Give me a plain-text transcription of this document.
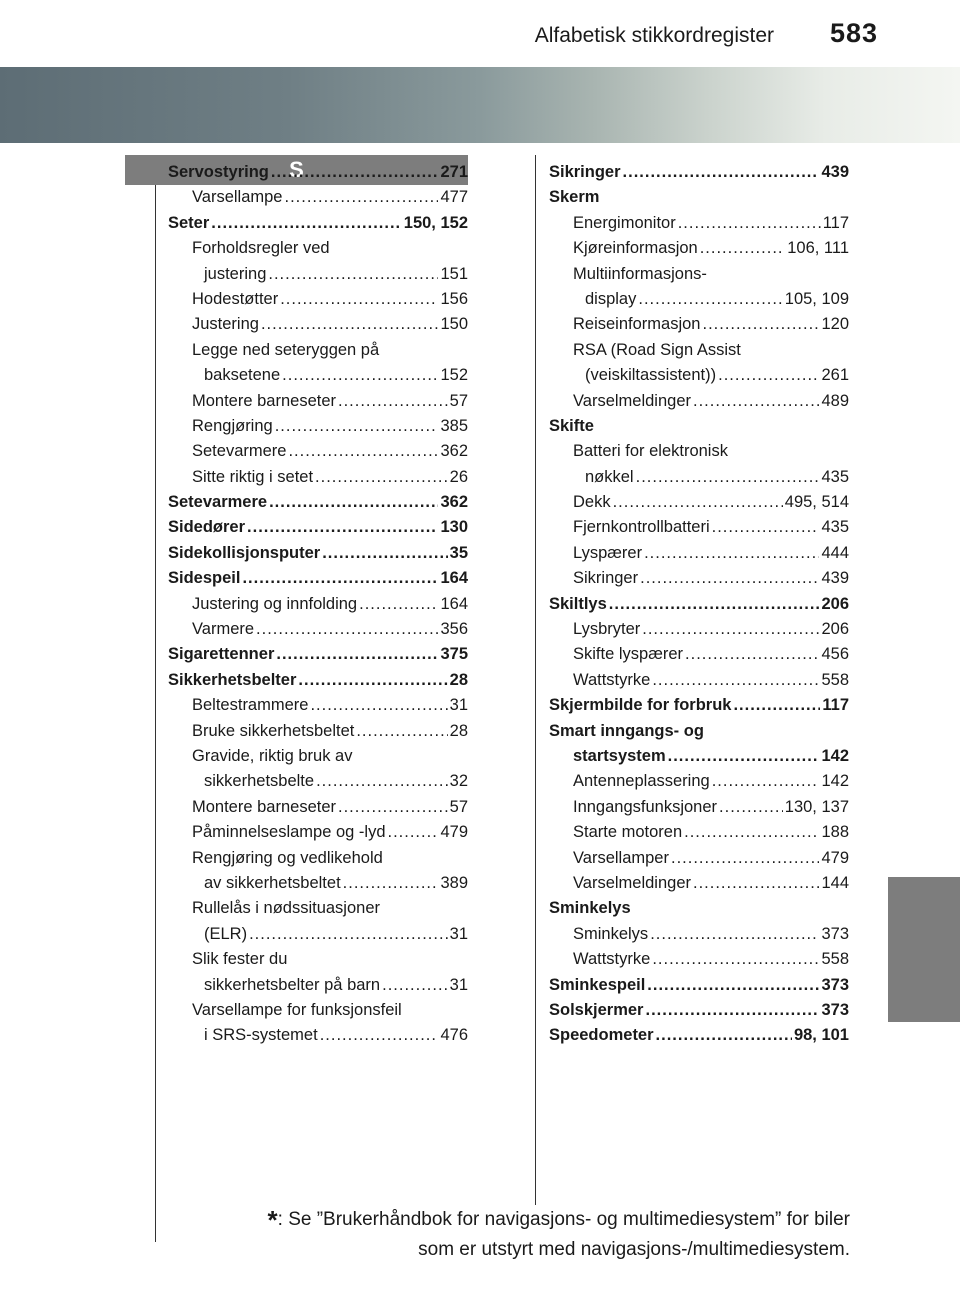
Alfabetisk stikkordregister 583
S
Servostyring .....	271
Varsellampe .....	477
Seter .....	150, 152
Forholdsregler ved
justering .....	151
Hodestøtter .....	156
Justering .....	150
Legge ned seteryggen på
baksetene .....	152
Montere barneseter .....	57
Rengjøring .....	385
Setevarmere .....	362
Sitte riktig i setet .....	26
Setevarmere .....	362
Sidedører .....	130
Sidekollisjonsputer .....	35
Sidespeil .....	164
Justering og innfolding .....	164
Varmere .....	356
Sigarettenner .....	375
Sikkerhetsbelter .....	28
Beltestrammere .....	31
Bruke sikkerhetsbeltet .....	28
Gravide, riktig bruk av
sikkerhetsbelte .....	32
Montere barneseter .....	57
Påminnelseslampe og -lyd .....	479
Rengjøring og vedlikehold
av sikkerhetsbeltet .....	389
Rullelås i nødssituasjoner
(ELR) .....	31
Slik fester du
sikkerhetsbelter på barn .....	31
Varsellampe for funksjonsfeil
i SRS-systemet .....	476
Sikringer .....	439
Skerm
Energimonitor .....	117
Kjøreinformasjon .....	106, 111
Multiinformasjons-
display .....	105, 109
Reiseinformasjon .....	120
RSA (Road Sign Assist
(veiskiltassistent)) .....	261
Varselmeldinger .....	489
Skifte
Batteri for elektronisk
nøkkel .....	435
Dekk .....	495, 514
Fjernkontrollbatteri .....	435
Lyspærer .....	444
Sikringer .....	439
Skiltlys .....	206
Lysbryter .....	206
Skifte lyspærer .....	456
Wattstyrke .....	558
Skjermbilde for forbruk .....	117
Smart inngangs- og
startsystem .....	142
Antenneplassering .....	142
Inngangsfunksjoner .....	130, 137
Starte motoren .....	188
Varsellamper .....	479
Varselmeldinger .....	144
Sminkelys
Sminkelys .....	373
Wattstyrke .....	558
Sminkespeil .....	373
Solskjermer .....	373
Speedometer .....	98, 101
*: Se ”Brukerhåndbok for navigasjons- og multimediesystem” for biler
som er utstyrt med navigasjons-/multimediesystem.
